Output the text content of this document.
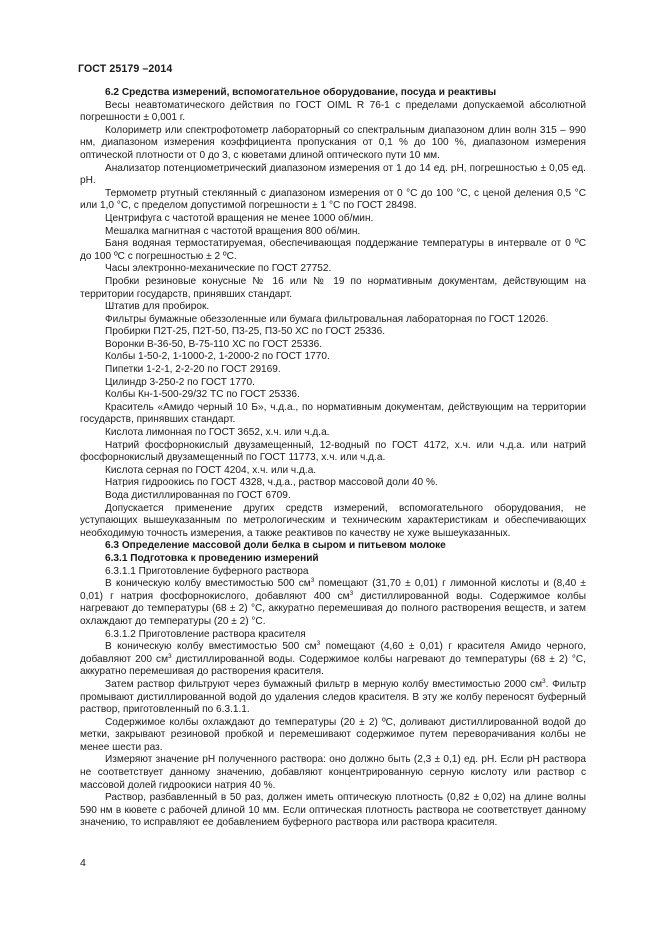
ГОСТ 25179 –2014

6.2 Средства измерений, вспомогательное оборудование, посуда и реактивы

Весы неавтоматического действия по ГОСТ OIML R 76-1 с пределами допускаемой абсолютной погрешности ± 0,001 г.

Колориметр или спектрофотометр лабораторный со спектральным диапазоном длин волн 315 – 990 нм, диапазоном измерения коэффициента пропускания от 0,1 % до 100 %, диапазоном измерения оптической плотности от 0 до 3, с кюветами длиной оптического пути 10 мм.

Анализатор потенциометрический диапазоном измерения от 1 до 14 ед. рН, погрешностью ± 0,05 ед. рН.

Термометр ртутный стеклянный с диапазоном измерения от 0 °С до 100 °С, с ценой деления 0,5 °С или 1,0 °С, с пределом допустимой погрешности ± 1 °С по ГОСТ 28498.

Центрифуга с частотой вращения не менее 1000 об/мин.

Мешалка магнитная с частотой вращения 800 об/мин.

Баня водяная термостатируемая, обеспечивающая поддержание температуры в интервале от 0 ºС до 100 ºС с погрешностью ± 2 ºС.

Часы электронно-механические по ГОСТ 27752.

Пробки резиновые конусные № 16 или № 19 по нормативным документам, действующим на территории государств, принявших стандарт.

Штатив для пробирок.

Фильтры бумажные обеззоленные или бумага фильтровальная лабораторная по ГОСТ 12026.

Пробирки П2Т-25, П2Т-50, П3-25, П3-50 ХС по ГОСТ 25336.

Воронки В-36-50, В-75-110 ХС по ГОСТ 25336.

Колбы 1-50-2, 1-1000-2, 1-2000-2 по ГОСТ 1770.

Пипетки 1-2-1, 2-2-20 по ГОСТ 29169.

Цилиндр 3-250-2 по ГОСТ 1770.

Колбы Кн-1-500-29/32 ТС по ГОСТ 25336.

Краситель «Амидо черный 10 Б», ч.д.а., по нормативным документам, действующим на территории государств, принявших стандарт.

Кислота лимонная по ГОСТ 3652, х.ч. или ч.д.а.

Натрий фосфорнокислый двузамещенный, 12-водный по ГОСТ 4172, х.ч. или ч.д.а. или натрий фосфорнокислый двузамещенный по ГОСТ 11773, х.ч. или ч.д.а.

Кислота серная по ГОСТ 4204, х.ч. или ч.д.а.

Натрия гидроокись по ГОСТ 4328, ч.д.а., раствор массовой доли 40 %.

Вода дистиллированная по ГОСТ 6709.

Допускается применение других средств измерений, вспомогательного оборудования, не уступающих вышеуказанным по метрологическим и техническим характеристикам и обеспечивающих необходимую точность измерения, а также реактивов по качеству не хуже вышеуказанных.

6.3 Определение массовой доли белка в сыром и питьевом молоке

6.3.1 Подготовка к проведению измерений

6.3.1.1 Приготовление буферного раствора

В коническую колбу вместимостью 500 $см^3$ помещают (31,70 ± 0,01) г лимонной кислоты и (8,40 ± 0,01) г натрия фосфорнокислого, добавляют 400 $см^3$ дистиллированной воды. Содержимое колбы нагревают до температуры (68 ± 2) °С, аккуратно перемешивая до полного растворения веществ, и затем охлаждают до температуры (20 ± 2) °С.

6.3.1.2 Приготовление раствора красителя

В коническую колбу вместимостью 500 $см^3$ помещают (4,60 ± 0,01) г красителя Амидо черного, добавляют 200 $см^3$ дистиллированной воды. Содержимое колбы нагревают до температуры (68 ± 2) °С, аккуратно перемешивая до растворения красителя.

Затем раствор фильтруют через бумажный фильтр в мерную колбу вместимостью 2000 $см^3$. Фильтр промывают дистиллированной водой до удаления следов красителя. В эту же колбу переносят буферный раствор, приготовленный по 6.3.1.1.

Содержимое колбы охлаждают до температуры (20 ± 2) ºС, доливают дистиллированной водой до метки, закрывают резиновой пробкой и перемешивают содержимое путем переворачивания колбы не менее шести раз.

Измеряют значение рН полученного раствора: оно должно быть (2,3 ± 0,1) ед. рН. Если рН раствора не соответствует данному значению, добавляют концентрированную серную кислоту или раствор с массовой долей гидроокиси натрия 40 %.

Раствор, разбавленный в 50 раз, должен иметь оптическую плотность (0,82 ± 0,02) на длине волны 590 нм в кювете с рабочей длиной 10 мм. Если оптическая плотность раствора не соответствует данному значению, то исправляют ее добавлением буферного раствора или раствора красителя.

4
